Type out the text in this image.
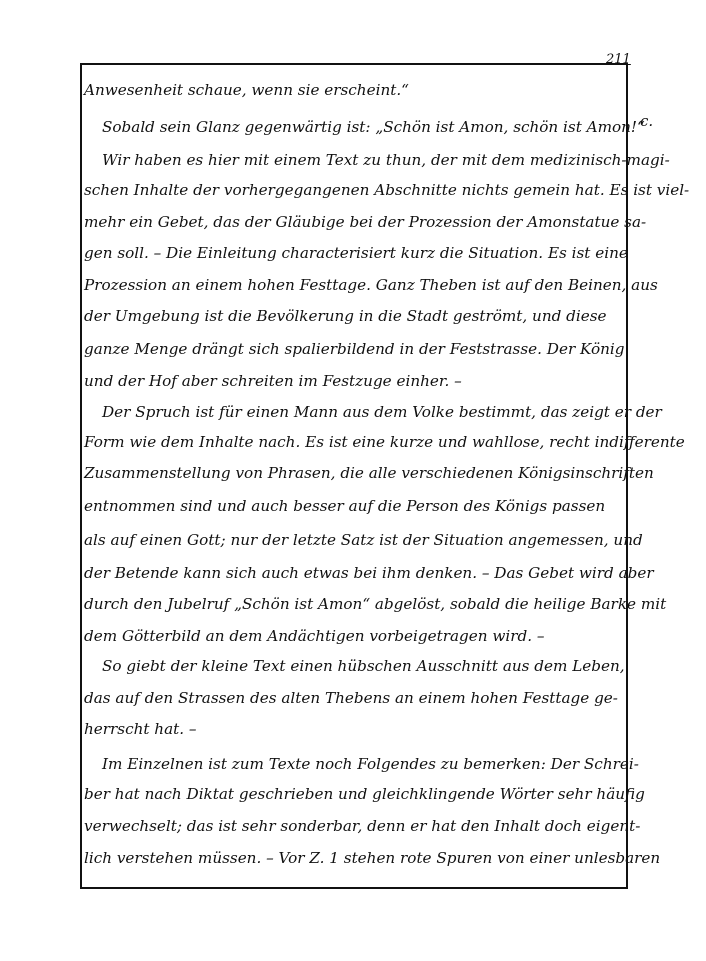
211
c.
Anwesenheit schaue, wenn sie erscheint.“
Sobald sein Glanz gegenwärtig ist: „Schön ist Amon, schön ist Amon!“
Wir haben es hier mit einem Text zu thun, der mit dem medizinisch-magi-
schen Inhalte der vorhergegangenen Abschnitte nichts gemein hat. Es ist viel-
mehr ein Gebet, das der Gläubige bei der Prozession der Amonstatue sa-
gen soll. – Die Einleitung characterisiert kurz die Situation. Es ist eine
Prozession an einem hohen Festtage. Ganz Theben ist auf den Beinen, aus
der Umgebung ist die Bevölkerung in die Stadt geströmt, und diese
ganze Menge drängt sich spalierbildend in der Feststrasse. Der König
und der Hof aber schreiten im Festzuge einher. –
Der Spruch ist für einen Mann aus dem Volke bestimmt, das zeigt er der
Form wie dem Inhalte nach. Es ist eine kurze und wahllose, recht indifferente
Zusammenstellung von Phrasen, die alle verschiedenen Königsinschriften
entnommen sind und auch besser auf die Person des Königs passen
als auf einen Gott; nur der letzte Satz ist der Situation angemessen, und
der Betende kann sich auch etwas bei ihm denken. – Das Gebet wird aber
durch den Jubelruf „Schön ist Amon“ abgelöst, sobald die heilige Barke mit
dem Götterbild an dem Andächtigen vorbeigetragen wird. –
So giebt der kleine Text einen hübschen Ausschnitt aus dem Leben,
das auf den Strassen des alten Thebens an einem hohen Festtage ge-
herrscht hat. –
Im Einzelnen ist zum Texte noch Folgendes zu bemerken: Der Schrei-
ber hat nach Diktat geschrieben und gleichklingende Wörter sehr häufig
verwechselt; das ist sehr sonderbar, denn er hat den Inhalt doch eigent-
lich verstehen müssen. – Vor Z. 1 stehen rote Spuren von einer unlesbaren
